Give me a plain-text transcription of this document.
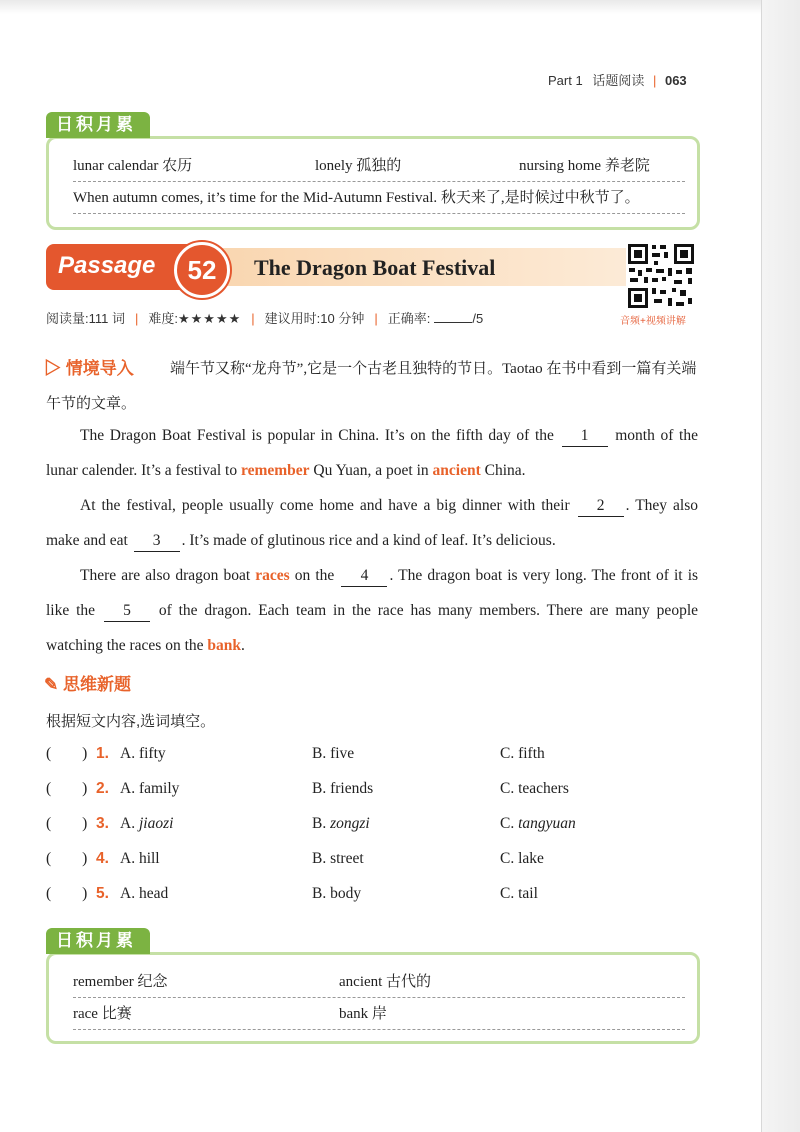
Part 1 话题阅读 | 063
日积月累
lunar calendar 农历	lonely 孤独的	nursing home 养老院
When autumn comes, it’s time for the Mid-Autumn Festival. 秋天来了,是时候过中秋节了。
Passage	52	The Dragon Boat Festival
音频+视频讲解
阅读量:111 词 | 难度:★★★★★ | 建议用时:10 分钟 | 正确率:	/5
▷ 情境导入	端午节又称“龙舟节”,它是一个古老且独特的节日。Taotao 在书中看到一篇有关端午节的文章。
The Dragon Boat Festival is popular in China. It’s on the fifth day of the 1 month of the lunar calender. It’s a festival to remember Qu Yuan, a poet in ancient China.
At the festival, people usually come home and have a big dinner with their 2 . They also make and eat 3 . It’s made of glutinous rice and a kind of leaf. It’s delicious.
There are also dragon boat races on the 4 . The dragon boat is very long. The front of it is like the 5 of the dragon. Each team in the race has many members. There are many people watching the races on the bank.
✎ 思维新题
根据短文内容,选词填空。
(        ) 1. A. fifty	B. five	C. fifth
(        ) 2. A. family	B. friends	C. teachers
(        ) 3. A. jiaozi	B. zongzi	C. tangyuan
(        ) 4. A. hill	B. street	C. lake
(        ) 5. A. head	B. body	C. tail
日积月累
remember 纪念	ancient 古代的
race 比赛	bank 岸
